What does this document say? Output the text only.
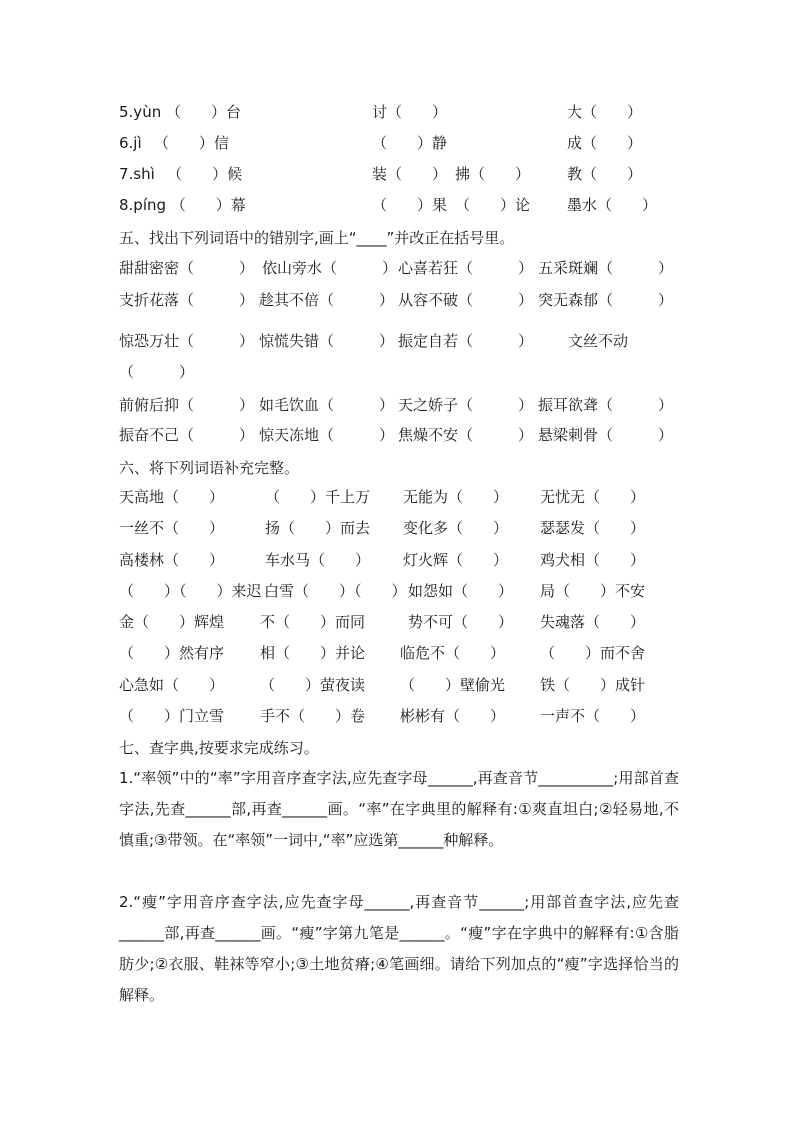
5.yùn （　　）台	讨（　　）	大（　　）
6.jì 　（　　）信	（　　）静	成（　　）
7.shì 　（　　）候	装（　　） 拂（　　） 教（　　）
8.píng （　　）幕	（　　）果 （　　）论 墨水（　　）
五、找出下列词语中的错别字,画上“____”并改正在括号里。
甜甜密密（　　　） 依山旁水（　　　） 心喜若狂（　　　） 五采斑斓（　　　）
支折花落（　　　） 趁其不倍（　　　） 从容不破（　　　） 突无森郁（　　　）
惊恐万壮（　　　） 惊慌失错（　　　） 振定自若（　　　） 文丝不动
（　　　）
前俯后抑（　　　） 如毛饮血（　　　） 天之娇子（　　　） 振耳欲聋（　　　）
振奋不己（　　　） 惊天冻地（　　　） 焦燥不安（　　　） 悬梁刺骨（　　　）
六、将下列词语补充完整。
天高地（　　）	（　　）千上万 无能为（　　） 无忧无（　　）
一丝不（　　）	扬（　　）而去 变化多（　　） 瑟瑟发（　　）
高楼林（　　）	车水马（　　） 灯火辉（　　） 鸡犬相（　　）
（　　）（　　）来迟 白雪（　　）（　　） 如怨如（　　） 局（　　）不安
金（　　）辉煌 不（　　）而同	势不可（　　） 失魂落（　　）
（　　）然有序 相（　　）并论 临危不（　　） （　　）而不舍
心急如（　　） （　　）萤夜读 （　　）壁偷光 铁（　　）成针
（　　）门立雪 手不（　　）卷 彬彬有（　　） 一声不（　　）
七、查字典,按要求完成练习。
1.“率领”中的“率”字用音序查字法,应先查字母______,再查音节__________;用部首查字法,先查______部,再查______画。“率”在字典里的解释有:①爽直坦白;②轻易地,不慎重;③带领。在“率领”一词中,“率”应选第______种解释。
2.“瘦”字用音序查字法,应先查字母______,再查音节______;用部首查字法,应先查______部,再查______画。“瘦”字第九笔是______。“瘦”字在字典中的解释有:①含脂肪少;②衣服、鞋袜等窄小;③土地贫瘠;④笔画细。请给下列加点的“瘦”字选择恰当的解释。
